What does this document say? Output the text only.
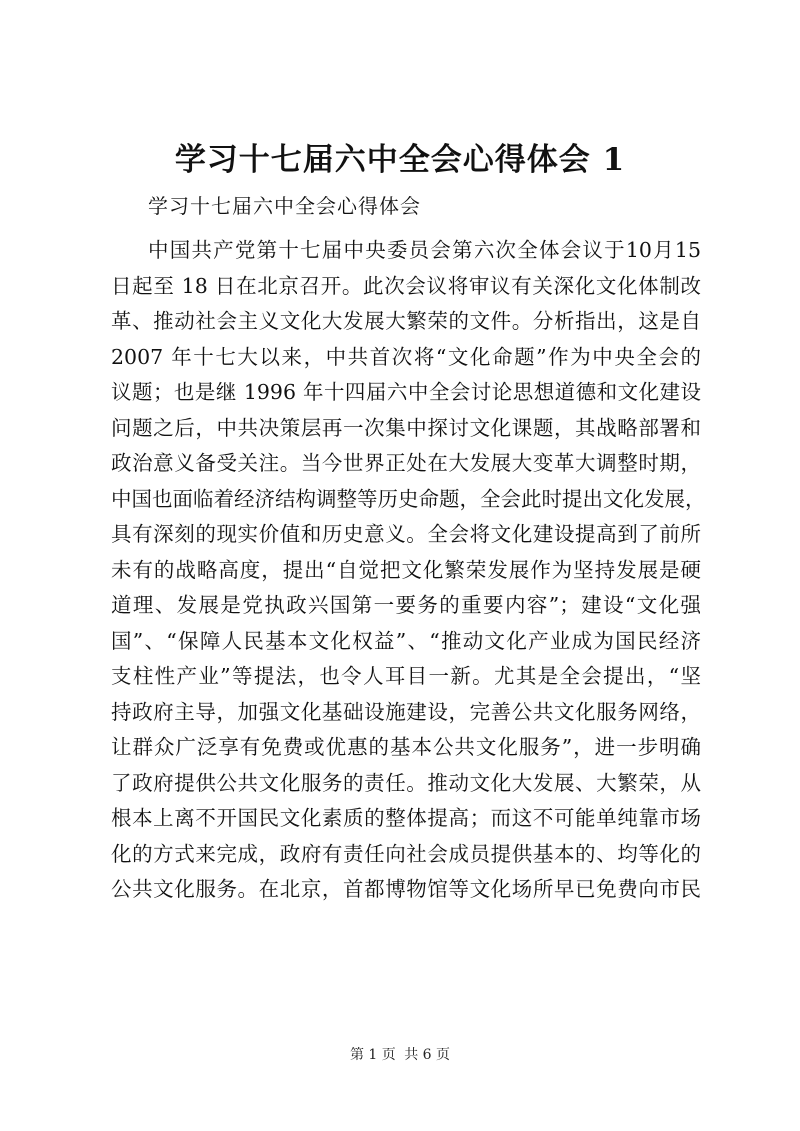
学习十七届六中全会心得体会 1

学习十七届六中全会心得体会

中国共产党第十七届中央委员会第六次全体会议于10月15
日起至 18 日在北京召开。此次会议将审议有关深化文化体制改
革、推动社会主义文化大发展大繁荣的文件。分析指出，这是自
2007 年十七大以来，中共首次将“文化命题”作为中央全会的
议题；也是继 1996 年十四届六中全会讨论思想道德和文化建设
问题之后，中共决策层再一次集中探讨文化课题，其战略部署和
政治意义备受关注。当今世界正处在大发展大变革大调整时期，
中国也面临着经济结构调整等历史命题，全会此时提出文化发展，
具有深刻的现实价值和历史意义。全会将文化建设提高到了前所
未有的战略高度，提出“自觉把文化繁荣发展作为坚持发展是硬
道理、发展是党执政兴国第一要务的重要内容”；建设“文化强
国”、“保障人民基本文化权益”、“推动文化产业成为国民经济
支柱性产业”等提法，也令人耳目一新。尤其是全会提出，“坚
持政府主导，加强文化基础设施建设，完善公共文化服务网络，
让群众广泛享有免费或优惠的基本公共文化服务”，进一步明确
了政府提供公共文化服务的责任。推动文化大发展、大繁荣，从
根本上离不开国民文化素质的整体提高；而这不可能单纯靠市场
化的方式来完成，政府有责任向社会成员提供基本的、均等化的
公共文化服务。在北京，首都博物馆等文化场所早已免费向市民
第 1 页 共 6 页
